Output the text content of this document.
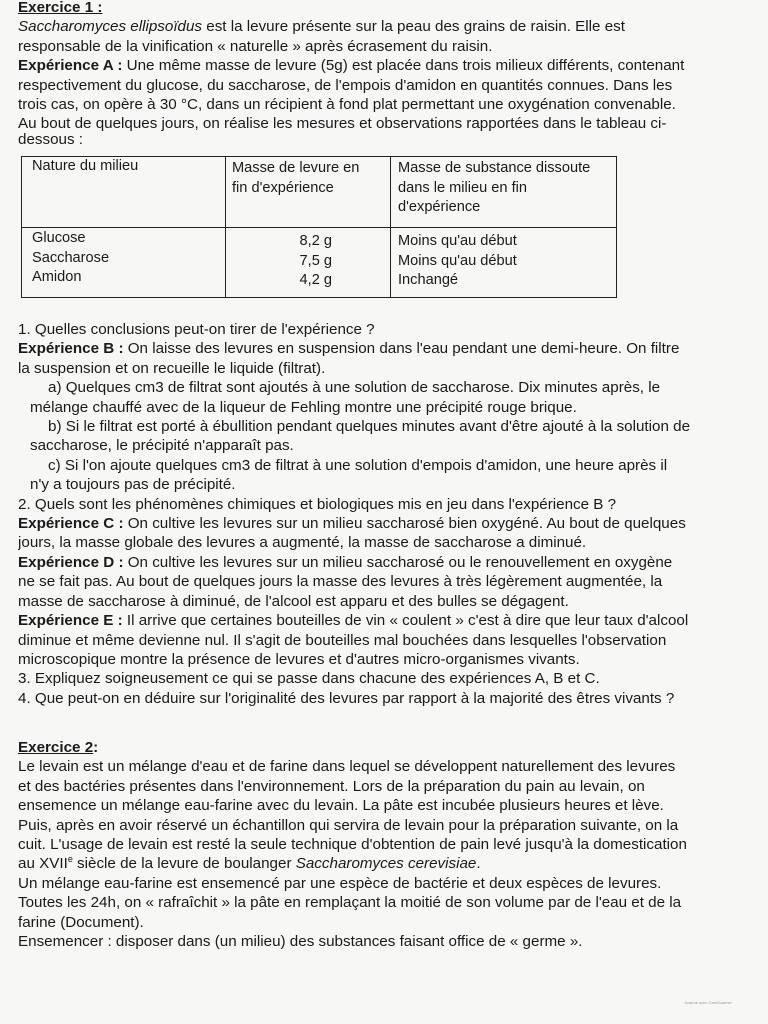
Exercice 1 :
Saccharomyces ellipsoïdus est la levure présente sur la peau des grains de raisin. Elle est
responsable de la vinification « naturelle » après écrasement du raisin.
Expérience A : Une même masse de levure (5g) est placée dans trois milieux différents, contenant
respectivement du glucose, du saccharose, de l'empois d'amidon en quantités connues. Dans les
trois cas, on opère à 30 °C, dans un récipient à fond plat permettant une oxygénation convenable.
Au bout de quelques jours, on réalise les mesures et observations rapportées dans le tableau ci-
dessous :
Nature du milieu	Masse de levure en
fin d'expérience
Masse de substance dissoute
dans le milieu en fin
d'expérience
Glucose
Saccharose
Amidon
8,2 g
7,5 g
4,2 g
Moins qu'au début
Moins qu'au début
Inchangé
1. Quelles conclusions peut-on tirer de l'expérience ?
Expérience B : On laisse des levures en suspension dans l'eau pendant une demi-heure. On filtre
la suspension et on recueille le liquide (filtrat).
a) Quelques cm3 de filtrat sont ajoutés à une solution de saccharose. Dix minutes après, le
mélange chauffé avec de la liqueur de Fehling montre une précipité rouge brique.
b) Si le filtrat est porté à ébullition pendant quelques minutes avant d'être ajouté à la solution de
saccharose, le précipité n'apparaît pas.
c) Si l'on ajoute quelques cm3 de filtrat à une solution d'empois d'amidon, une heure après il
n'y a toujours pas de précipité.
2. Quels sont les phénomènes chimiques et biologiques mis en jeu dans l'expérience B ?
Expérience C : On cultive les levures sur un milieu saccharosé bien oxygéné. Au bout de quelques
jours, la masse globale des levures a augmenté, la masse de saccharose a diminué.
Expérience D : On cultive les levures sur un milieu saccharosé ou le renouvellement en oxygène
ne se fait pas. Au bout de quelques jours la masse des levures à très légèrement augmentée, la
masse de saccharose à diminué, de l'alcool est apparu et des bulles se dégagent.
Expérience E : Il arrive que certaines bouteilles de vin « coulent » c'est à dire que leur taux d'alcool
diminue et même devienne nul. Il s'agit de bouteilles mal bouchées dans lesquelles l'observation
microscopique montre la présence de levures et d'autres micro-organismes vivants.
3. Expliquez soigneusement ce qui se passe dans chacune des expériences A, B et C.
4. Que peut-on en déduire sur l'originalité des levures par rapport à la majorité des êtres vivants ?
Exercice 2:
Le levain est un mélange d'eau et de farine dans lequel se développent naturellement des levures
et des bactéries présentes dans l'environnement. Lors de la préparation du pain au levain, on
ensemence un mélange eau-farine avec du levain. La pâte est incubée plusieurs heures et lève.
Puis, après en avoir réservé un échantillon qui servira de levain pour la préparation suivante, on la
cuit. L'usage de levain est resté la seule technique d'obtention de pain levé jusqu'à la domestication
au XVIIe siècle de la levure de boulanger Saccharomyces cerevisiae.
Un mélange eau-farine est ensemencé par une espèce de bactérie et deux espèces de levures.
Toutes les 24h, on « rafraîchit » la pâte en remplaçant la moitié de son volume par de l'eau et de la
farine (Document).
Ensemencer : disposer dans (un milieu) des substances faisant office de « germe ».
Scanné avec CamScanner
